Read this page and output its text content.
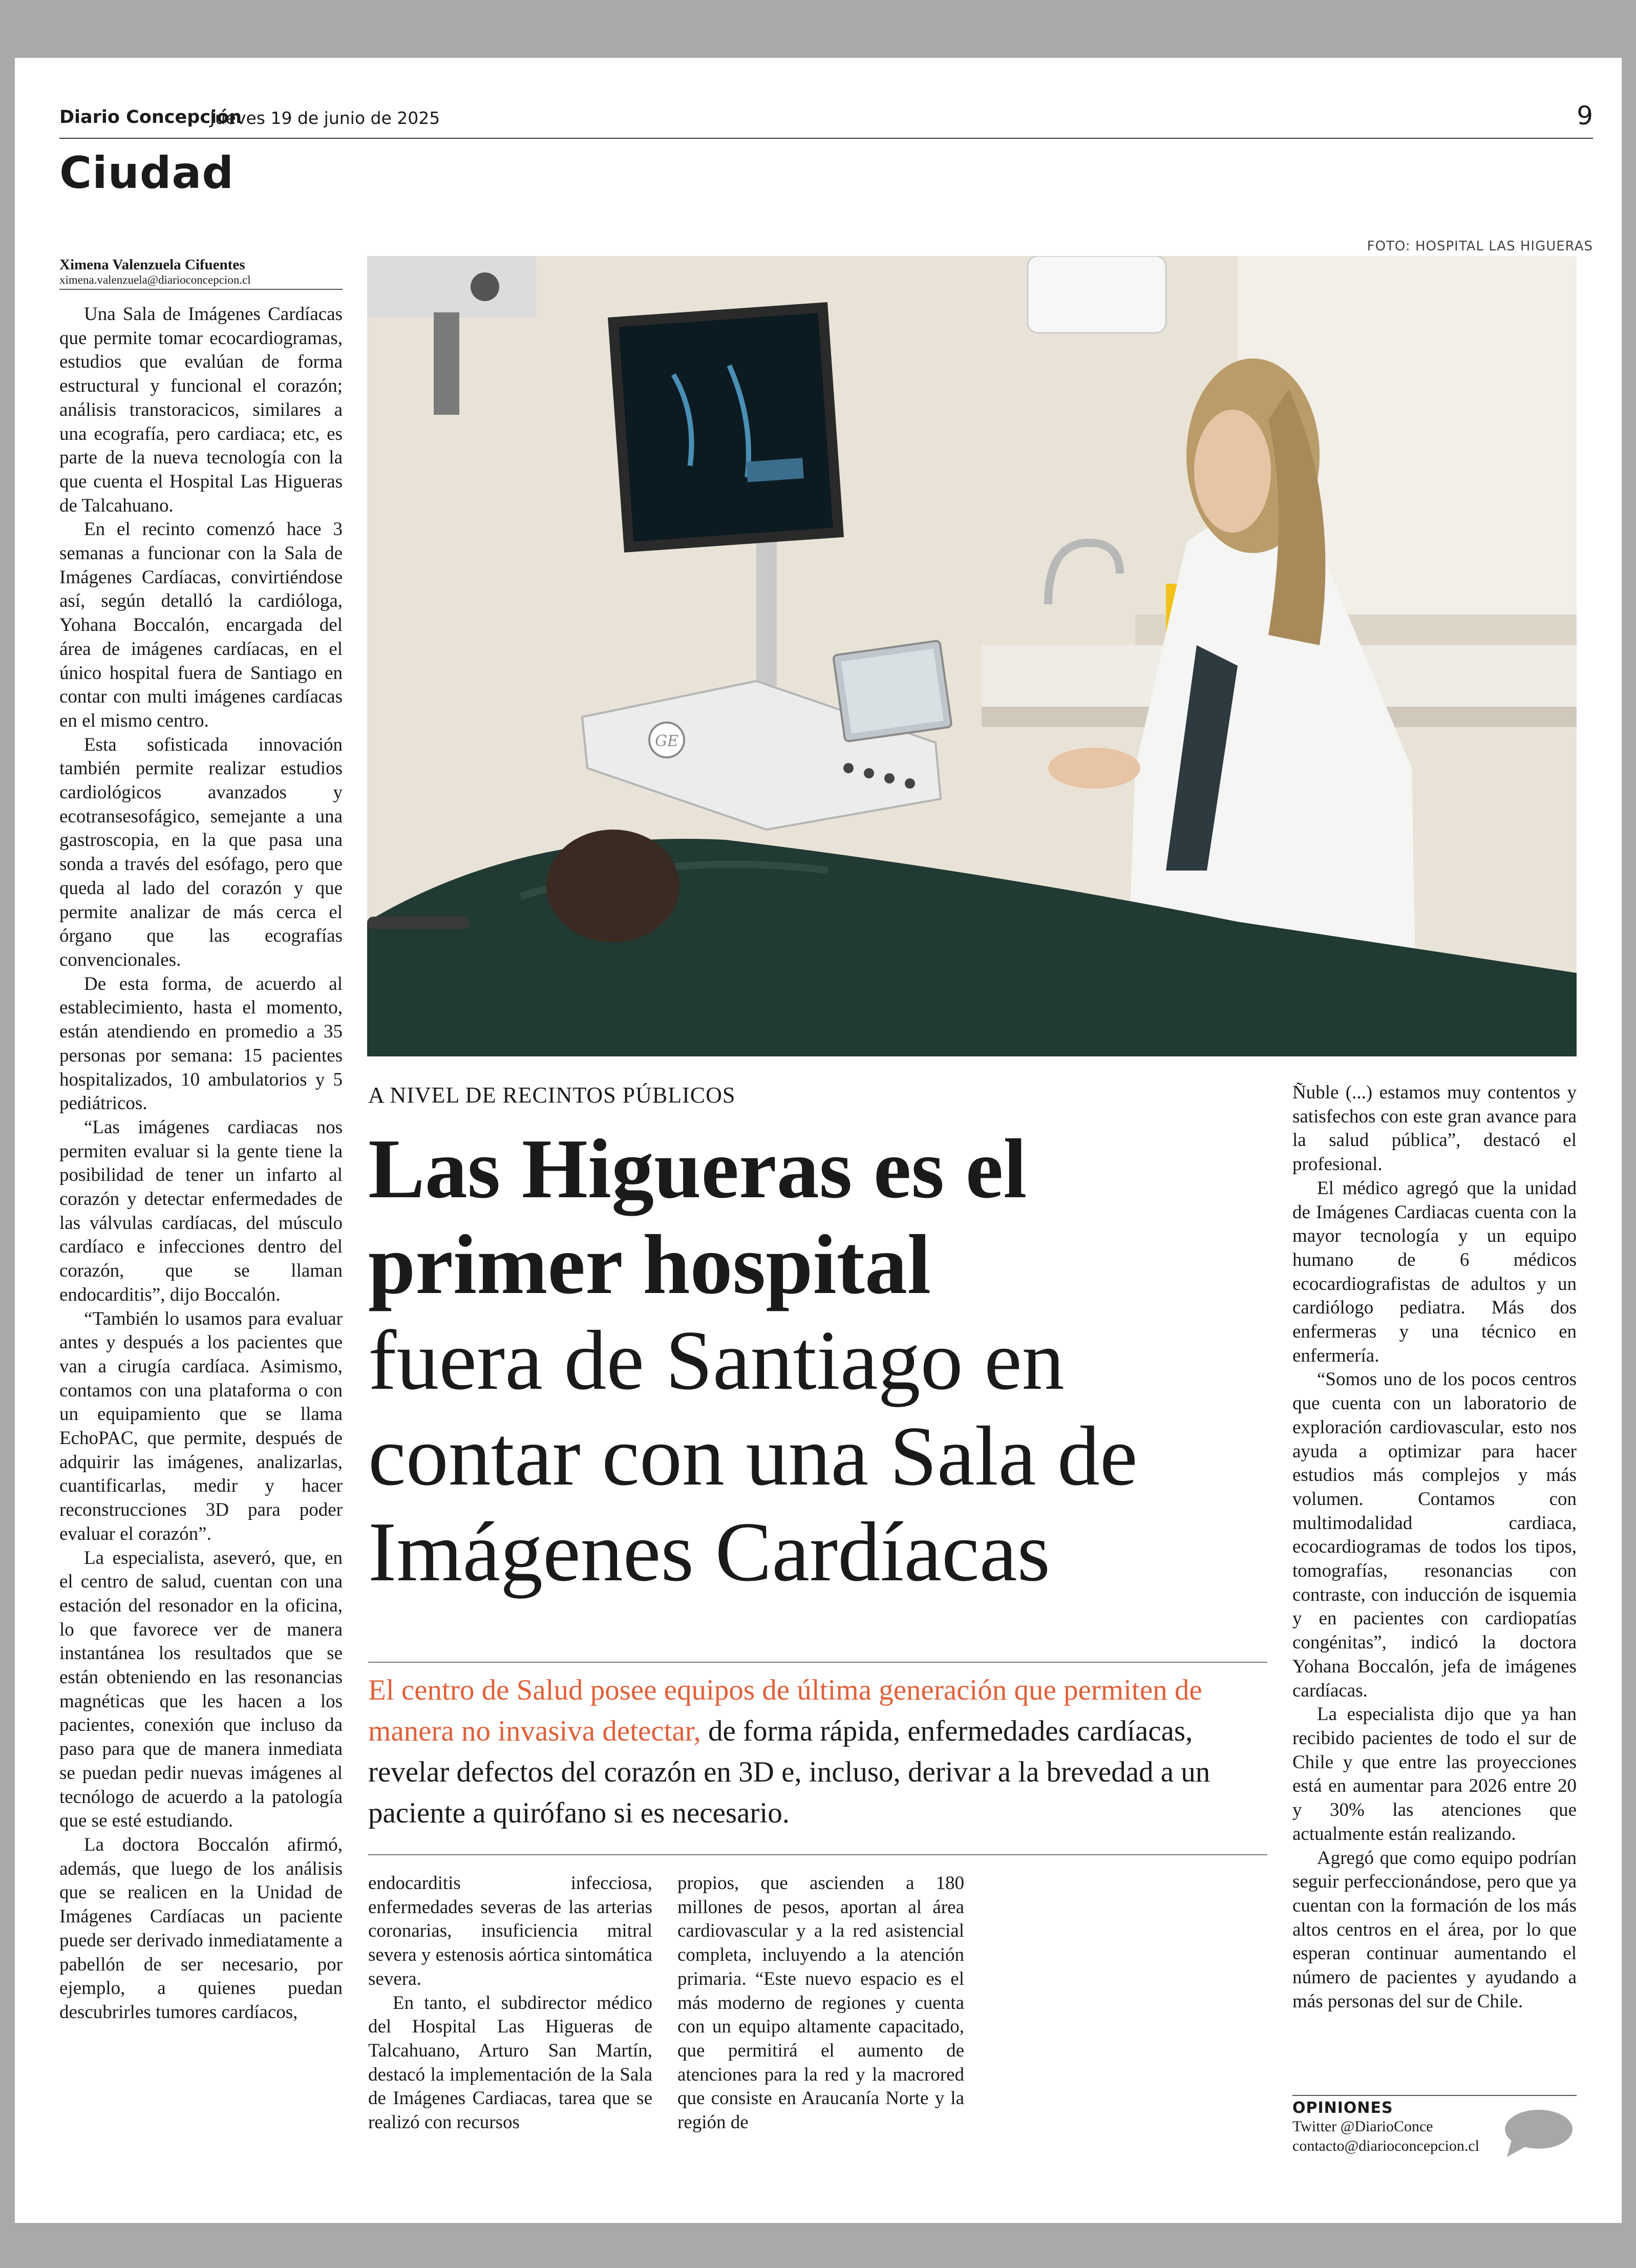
Diario Concepción
Jueves 19 de junio de 2025	9
Ciudad
FOTO: HOSPITAL LAS HIGUERAS
Ximena Valenzuela Cifuentes
ximena.valenzuela@diarioconcepcion.cl

Una Sala de Imágenes Cardíacas que permite tomar ecocardiogramas, estudios que evalúan de forma estructural y funcional el corazón; análisis transtoracicos, similares a una ecografía, pero cardiaca; etc, es parte de la nueva tecnología con la que cuenta el Hospital Las Higueras de Talcahuano.

En el recinto comenzó hace 3 semanas a funcionar con la Sala de Imágenes Cardíacas, convirtiéndose así, según detalló la cardióloga, Yohana Boccalón, encargada del área de imágenes cardíacas, en el único hospital fuera de Santiago en contar con multi imágenes cardíacas en el mismo centro.

Esta sofisticada innovación también permite realizar estudios cardiológicos avanzados y ecotransesofágico, semejante a una gastroscopia, en la que pasa una sonda a través del esófago, pero que queda al lado del corazón y que permite analizar de más cerca el órgano que las ecografías convencionales.

De esta forma, de acuerdo al establecimiento, hasta el momento, están atendiendo en promedio a 35 personas por semana: 15 pacientes hospitalizados, 10 ambulatorios y 5 pediátricos.

“Las imágenes cardiacas nos permiten evaluar si la gente tiene la posibilidad de tener un infarto al corazón y detectar enfermedades de las válvulas cardíacas, del músculo cardíaco e infecciones dentro del corazón, que se llaman endocarditis”, dijo Boccalón.

“También lo usamos para evaluar antes y después a los pacientes que van a cirugía cardíaca. Asimismo, contamos con una plataforma o con un equipamiento que se llama EchoPAC, que permite, después de adquirir las imágenes, analizarlas, cuantificarlas, medir y hacer reconstrucciones 3D para poder evaluar el corazón”.

La especialista, aseveró, que, en el centro de salud, cuentan con una estación del resonador en la oficina, lo que favorece ver de manera instantánea los resultados que se están obteniendo en las resonancias magnéticas que les hacen a los pacientes, conexión que incluso da paso para que de manera inmediata se puedan pedir nuevas imágenes al tecnólogo de acuerdo a la patología que se esté estudiando.

La doctora Boccalón afirmó, además, que luego de los análisis que se realicen en la Unidad de Imágenes Cardíacas un paciente puede ser derivado inmediatamente a pabellón de ser necesario, por ejemplo, a quienes puedan descubrirles tumores cardíacos,

GE
A NIVEL DE RECINTOS PÚBLICOS
Las Higueras es el primer hospital
fuera de Santiago en contar con una Sala de Imágenes Cardíacas
El centro de Salud posee equipos de última generación que permiten de manera no invasiva detectar, de forma rápida, enfermedades cardíacas, revelar defectos del corazón en 3D e, incluso, derivar a la brevedad a un paciente a quirófano si es necesario.

endocarditis infecciosa, enfermedades severas de las arterias coronarias, insuficiencia mitral severa y estenosis aórtica sintomática severa.

En tanto, el subdirector médico del Hospital Las Higueras de Talcahuano, Arturo San Martín, destacó la implementación de la Sala de Imágenes Cardiacas, tarea que se realizó con recursos

propios, que ascienden a 180 millones de pesos, aportan al área cardiovascular y a la red asistencial completa, incluyendo a la atención primaria. “Este nuevo espacio es el más moderno de regiones y cuenta con un equipo altamente capacitado, que permitirá el aumento de atenciones para la red y la macrored que consiste en Araucanía Norte y la región de

Ñuble (...) estamos muy contentos y satisfechos con este gran avance para la salud pública”, destacó el profesional.

El médico agregó que la unidad de Imágenes Cardiacas cuenta con la mayor tecnología y un equipo humano de 6 médicos ecocardiografistas de adultos y un cardiólogo pediatra. Más dos enfermeras y una técnico en enfermería.

“Somos uno de los pocos centros que cuenta con un laboratorio de exploración cardiovascular, esto nos ayuda a optimizar para hacer estudios más complejos y más volumen. Contamos con multimodalidad cardiaca, ecocardiogramas de todos los tipos, tomografías, resonancias con contraste, con inducción de isquemia y en pacientes con cardiopatías congénitas”, indicó la doctora Yohana Boccalón, jefa de imágenes cardíacas.

La especialista dijo que ya han recibido pacientes de todo el sur de Chile y que entre las proyecciones está en aumentar para 2026 entre 20 y 30% las atenciones que actualmente están realizando.

Agregó que como equipo podrían seguir perfeccionándose, pero que ya cuentan con la formación de los más altos centros en el área, por lo que esperan continuar aumentando el número de pacientes y ayudando a más personas del sur de Chile.

OPINIONES
Twitter @DiarioConce
contacto@diarioconcepcion.cl
